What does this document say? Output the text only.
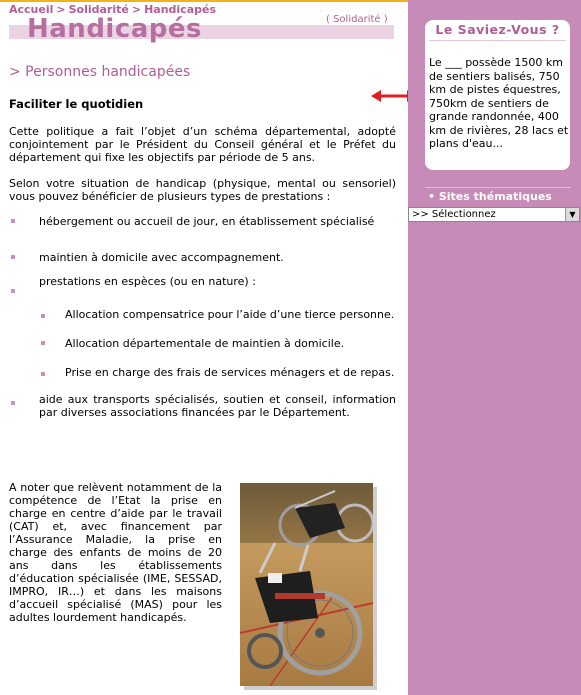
Accueil > Solidarité > Handicapés
Handicapés	( Solidarité )
> Personnes handicapées
Faciliter le quotidien

Cette politique a fait l’objet d’un schéma départemental, adopté conjointement par le Président du Conseil général et le Préfet du département qui fixe les objectifs par période de 5 ans.

Selon votre situation de handicap (physique, mental ou sensoriel) vous pouvez bénéficier de plusieurs types de prestations :

hébergement ou accueil de jour, en établissement spécialisé
maintien à domicile avec accompagnement.
prestations en espèces (ou en nature) :
Allocation compensatrice pour l’aide d’une tierce personne.
Allocation départementale de maintien à domicile.
Prise en charge des frais de services ménagers et de repas.
aide aux transports spécialisés, soutien et conseil, information par diverses associations financées par le Département.
A noter que relèvent notamment de la compétence de l’Etat la prise en charge en centre d’aide par le travail (CAT) et, avec financement par l’Assurance Maladie, la prise en charge des enfants de moins de 20 ans dans les établissements d’éducation spécialisée (IME, SESSAD, IMPRO, IR…) et dans les maisons d’accueil spécialisé (MAS) pour les adultes lourdement handicapés.
Le Saviez-Vous ?
Le ___ possède 1500 km de sentiers balisés, 750 km de pistes équestres, 750km de sentiers de grande randonnée, 400 km de rivières, 28 lacs et plans d'eau...
• Sites thématiques
>> Sélectionnez	▼
